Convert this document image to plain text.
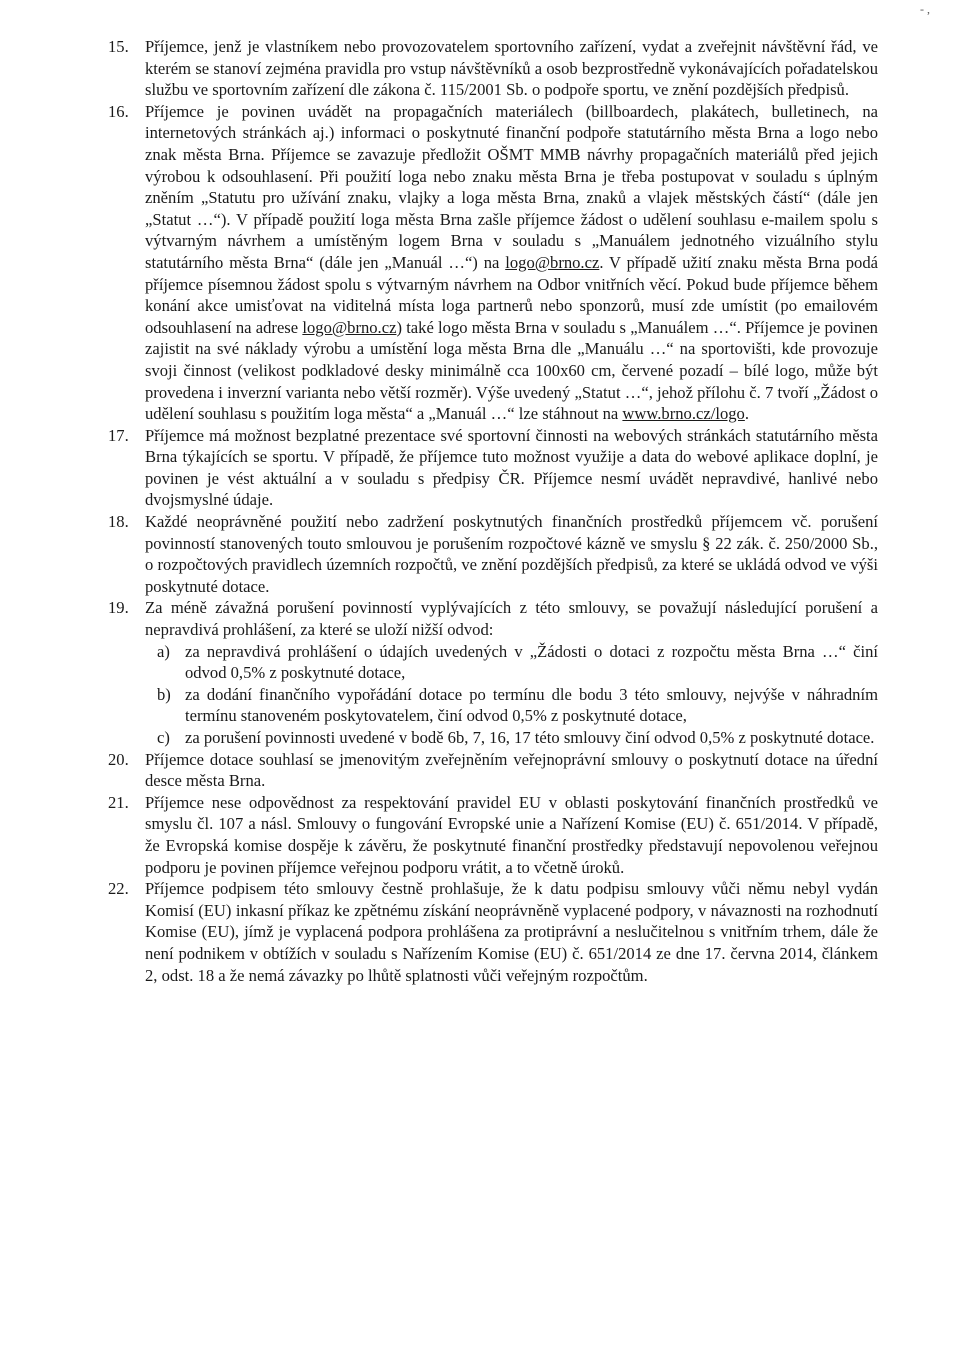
- ,
15. Příjemce, jenž je vlastníkem nebo provozovatelem sportovního zařízení, vydat a zveřejnit návštěvní řád, ve kterém se stanoví zejména pravidla pro vstup návštěvníků a osob bezprostředně vykonávajících pořadatelskou službu ve sportovním zařízení dle zákona č. 115/2001 Sb. o podpoře sportu, ve znění pozdějších předpisů.
16. Příjemce je povinen uvádět na propagačních materiálech (billboardech, plakátech, bulletinech, na internetových stránkách aj.) informaci o poskytnuté finanční podpoře statutárního města Brna a logo nebo znak města Brna. Příjemce se zavazuje předložit OŠMT MMB návrhy propagačních materiálů před jejich výrobou k odsouhlasení. Při použití loga nebo znaku města Brna je třeba postupovat v souladu s úplným zněním „Statutu pro užívání znaku, vlajky a loga města Brna, znaků a vlajek městských částí“ (dále jen „Statut …“). V případě použití loga města Brna zašle příjemce žádost o udělení souhlasu e-mailem spolu s výtvarným návrhem a umístěným logem Brna v souladu s „Manuálem jednotného vizuálního stylu statutárního města Brna“ (dále jen „Manuál …“) na logo@brno.cz. V případě užití znaku města Brna podá příjemce písemnou žádost spolu s výtvarným návrhem na Odbor vnitřních věcí. Pokud bude příjemce během konání akce umisťovat na viditelná místa loga partnerů nebo sponzorů, musí zde umístit (po emailovém odsouhlasení na adrese logo@brno.cz) také logo města Brna v souladu s „Manuálem …“. Příjemce je povinen zajistit na své náklady výrobu a umístění loga města Brna dle „Manuálu …“ na sportovišti, kde provozuje svoji činnost (velikost podkladové desky minimálně cca 100x60 cm, červené pozadí – bílé logo, může být provedena i inverzní varianta nebo větší rozměr). Výše uvedený „Statut …“, jehož přílohu č. 7 tvoří „Žádost o udělení souhlasu s použitím loga města“ a „Manuál …“ lze stáhnout na www.brno.cz/logo.
17. Příjemce má možnost bezplatné prezentace své sportovní činnosti na webových stránkách statutárního města Brna týkajících se sportu. V případě, že příjemce tuto možnost využije a data do webové aplikace doplní, je povinen je vést aktuální a v souladu s předpisy ČR. Příjemce nesmí uvádět nepravdivé, hanlivé nebo dvojsmyslné údaje.
18. Každé neoprávněné použití nebo zadržení poskytnutých finančních prostředků příjemcem vč. porušení povinností stanovených touto smlouvou je porušením rozpočtové kázně ve smyslu § 22 zák. č. 250/2000 Sb., o rozpočtových pravidlech územních rozpočtů, ve znění pozdějších předpisů, za které se ukládá odvod ve výši poskytnuté dotace.
19. Za méně závažná porušení povinností vyplývajících z této smlouvy, se považují následující porušení a nepravdivá prohlášení, za které se uloží nižší odvod:
a) za nepravdivá prohlášení o údajích uvedených v „Žádosti o dotaci z rozpočtu města Brna …“ činí odvod 0,5% z poskytnuté dotace,
b) za dodání finančního vypořádání dotace po termínu dle bodu 3 této smlouvy, nejvýše v náhradním termínu stanoveném poskytovatelem, činí odvod 0,5% z poskytnuté dotace,
c) za porušení povinnosti uvedené v bodě 6b, 7, 16, 17 této smlouvy činí odvod 0,5% z poskytnuté dotace.
20. Příjemce dotace souhlasí se jmenovitým zveřejněním veřejnoprávní smlouvy o poskytnutí dotace na úřední desce města Brna.
21. Příjemce nese odpovědnost za respektování pravidel EU v oblasti poskytování finančních prostředků ve smyslu čl. 107 a násl. Smlouvy o fungování Evropské unie a Nařízení Komise (EU) č. 651/2014. V případě, že Evropská komise dospěje k závěru, že poskytnuté finanční prostředky představují nepovolenou veřejnou podporu je povinen příjemce veřejnou podporu vrátit, a to včetně úroků.
22. Příjemce podpisem této smlouvy čestně prohlašuje, že k datu podpisu smlouvy vůči němu nebyl vydán Komisí (EU) inkasní příkaz ke zpětnému získání neoprávněně vyplacené podpory, v návaznosti na rozhodnutí Komise (EU), jímž je vyplacená podpora prohlášena za protiprávní a neslučitelnou s vnitřním trhem, dále že není podnikem v obtížích v souladu s Nařízením Komise (EU) č. 651/2014 ze dne 17. června 2014, článkem 2, odst. 18 a že nemá závazky po lhůtě splatnosti vůči veřejným rozpočtům.
